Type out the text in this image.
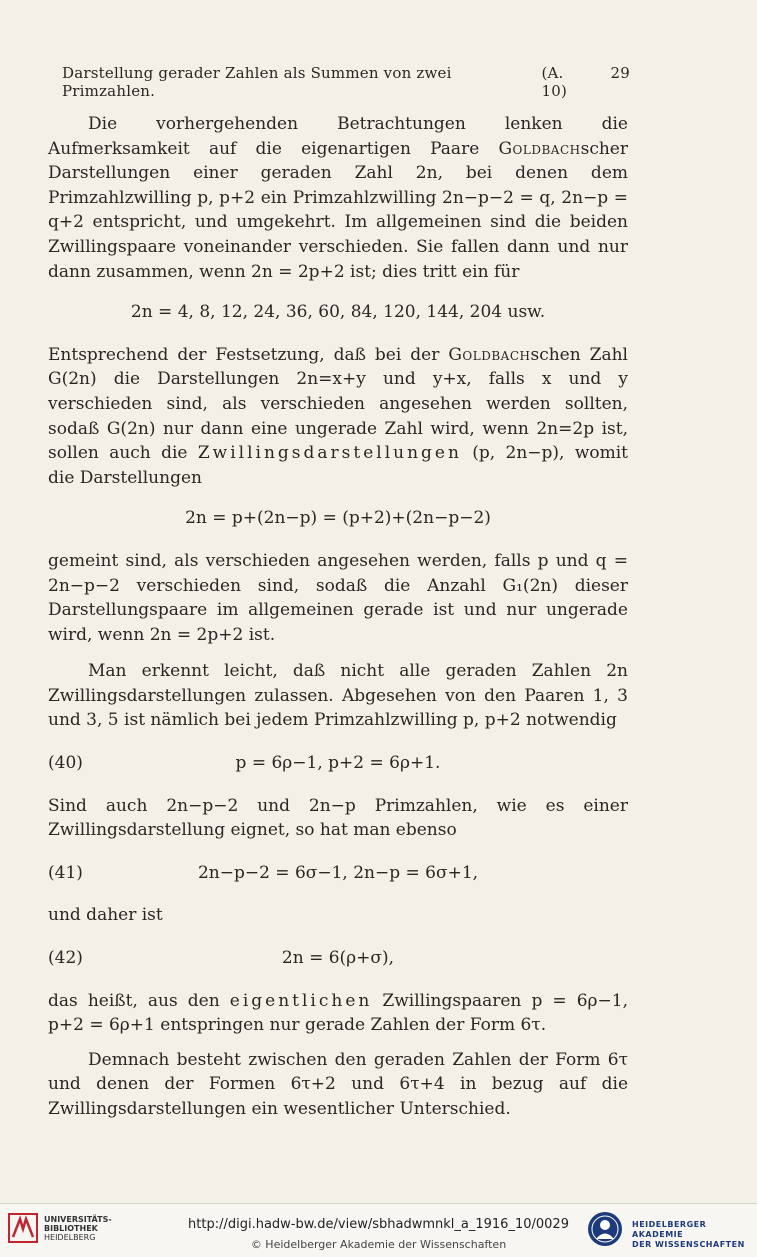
Darstellung gerader Zahlen als Summen von zwei Primzahlen.
(A. 10)
29

Die vorhergehenden Betrachtungen lenken die Aufmerksamkeit auf die eigenartigen Paare Goldbachscher Darstellungen einer geraden Zahl 2n, bei denen dem Primzahlzwilling p, p+2 ein Primzahlzwilling 2n−p−2 = q, 2n−p = q+2 entspricht, und umgekehrt. Im allgemeinen sind die beiden Zwillingspaare voneinander verschieden. Sie fallen dann und nur dann zusammen, wenn 2n = 2p+2 ist; dies tritt ein für

2n = 4, 8, 12, 24, 36, 60, 84, 120, 144, 204 usw.

Entsprechend der Festsetzung, daß bei der Goldbachschen Zahl G(2n) die Darstellungen 2n=x+y und y+x, falls x und y verschieden sind, als verschieden angesehen werden sollten, sodaß G(2n) nur dann eine ungerade Zahl wird, wenn 2n=2p ist, sollen auch die Zwillingsdarstellungen (p, 2n−p), womit die Darstellungen

2n = p+(2n−p) = (p+2)+(2n−p−2)

gemeint sind, als verschieden angesehen werden, falls p und q = 2n−p−2 verschieden sind, sodaß die Anzahl G₁(2n) dieser Darstellungspaare im allgemeinen gerade ist und nur ungerade wird, wenn 2n = 2p+2 ist.

Man erkennt leicht, daß nicht alle geraden Zahlen 2n Zwillingsdarstellungen zulassen. Abgesehen von den Paaren 1, 3 und 3, 5 ist nämlich bei jedem Primzahlzwilling p, p+2 notwendig

(40)	p = 6ρ−1, p+2 = 6ρ+1.

Sind auch 2n−p−2 und 2n−p Primzahlen, wie es einer Zwillingsdarstellung eignet, so hat man ebenso

(41)	2n−p−2 = 6σ−1, 2n−p = 6σ+1,

und daher ist

(42)	2n = 6(ρ+σ),

das heißt, aus den eigentlichen Zwillingspaaren p = 6ρ−1, p+2 = 6ρ+1 entspringen nur gerade Zahlen der Form 6τ.

Demnach besteht zwischen den geraden Zahlen der Form 6τ und denen der Formen 6τ+2 und 6τ+4 in bezug auf die Zwillingsdarstellungen ein wesentlicher Unterschied.

UNIVERSITÄTS-
BIBLIOTHEK
HEIDELBERG
http://digi.hadw-bw.de/view/sbhadwmnkl_a_1916_10/0029
© Heidelberger Akademie der Wissenschaften
HEIDELBERGER AKADEMIE
DER WISSENSCHAFTEN
